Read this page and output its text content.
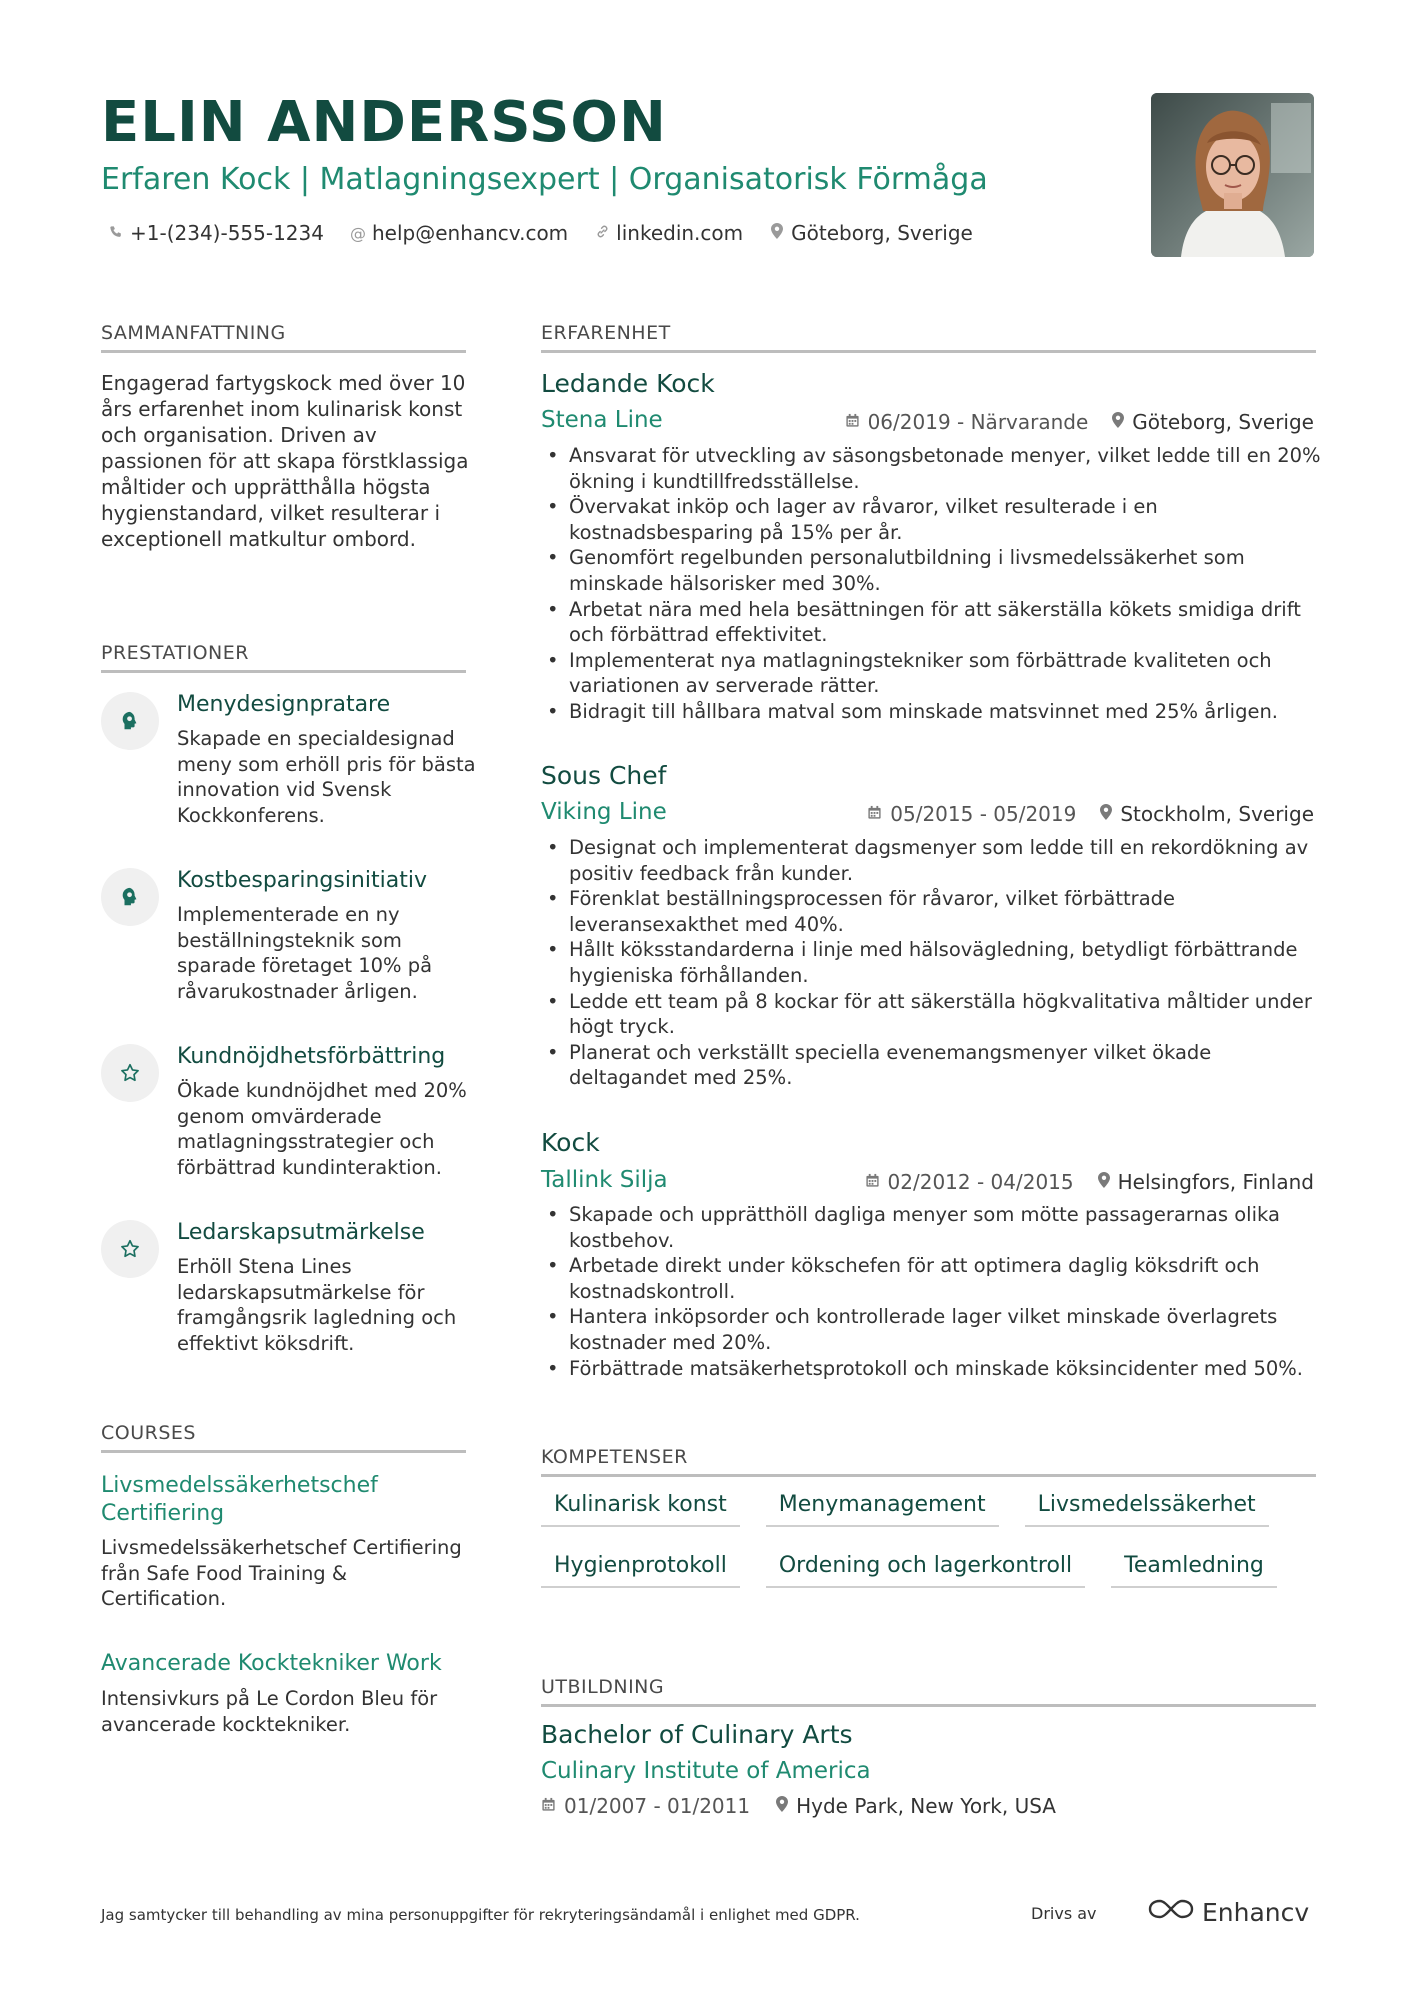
ELIN ANDERSSON
Erfaren Kock | Matlagningsexpert | Organisatorisk Förmåga
+1-(234)-555-1234 @ help@enhancv.com linkedin.com Göteborg, Sverige
SAMMANFATTNING
Engagerad fartygskock med över 10 års erfarenhet inom kulinarisk konst och organisation. Driven av passionen för att skapa förstklassiga måltider och upprätthålla högsta hygienstandard, vilket resulterar i exceptionell matkultur ombord.
PRESTATIONER
Menydesignpratare
Skapade en specialdesignad meny som erhöll pris för bästa innovation vid Svensk Kockkonferens.
Kostbesparingsinitiativ
Implementerade en ny beställningsteknik som sparade företaget 10% på råvarukostnader årligen.
Kundnöjdhetsförbättring
Ökade kundnöjdhet med 20% genom omvärderade matlagningsstrategier och förbättrad kundinteraktion.
Ledarskapsutmärkelse
Erhöll Stena Lines ledarskapsutmärkelse för framgångsrik lagledning och effektivt köksdrift.
COURSES
Livsmedelssäkerhetschef Certifiering
Livsmedelssäkerhetschef Certifiering från Safe Food Training & Certification.
Avancerade Kocktekniker Work
Intensivkurs på Le Cordon Bleu för avancerade kocktekniker.
ERFARENHET
Ledande Kock
Stena Line	06/2019 - Närvarande Göteborg, Sverige
• Ansvarat för utveckling av säsongsbetonade menyer, vilket ledde till en 20% ökning i kundtillfredsställelse.
• Övervakat inköp och lager av råvaror, vilket resulterade i en kostnadsbesparing på 15% per år.
• Genomfört regelbunden personalutbildning i livsmedelssäkerhet som minskade hälsorisker med 30%.
• Arbetat nära med hela besättningen för att säkerställa kökets smidiga drift och förbättrad effektivitet.
• Implementerat nya matlagningstekniker som förbättrade kvaliteten och variationen av serverade rätter.
• Bidragit till hållbara matval som minskade matsvinnet med 25% årligen.
Sous Chef
Viking Line	05/2015 - 05/2019 Stockholm, Sverige
• Designat och implementerat dagsmenyer som ledde till en rekordökning av positiv feedback från kunder.
• Förenklat beställningsprocessen för råvaror, vilket förbättrade leveransexakthet med 40%.
• Hållt köksstandarderna i linje med hälsovägledning, betydligt förbättrande hygieniska förhållanden.
• Ledde ett team på 8 kockar för att säkerställa högkvalitativa måltider under högt tryck.
• Planerat och verkställt speciella evenemangsmenyer vilket ökade deltagandet med 25%.
Kock
Tallink Silja	02/2012 - 04/2015 Helsingfors, Finland
• Skapade och upprätthöll dagliga menyer som mötte passagerarnas olika kostbehov.
• Arbetade direkt under kökschefen för att optimera daglig köksdrift och kostnadskontroll.
• Hantera inköpsorder och kontrollerade lager vilket minskade överlagrets kostnader med 20%.
• Förbättrade matsäkerhetsprotokoll och minskade köksincidenter med 50%.
KOMPETENSER
Kulinarisk konst	Menymanagement	Livsmedelssäkerhet
Hygienprotokoll	Ordening och lagerkontroll	Teamledning
UTBILDNING
Bachelor of Culinary Arts
Culinary Institute of America
01/2007 - 01/2011 Hyde Park, New York, USA
Jag samtycker till behandling av mina personuppgifter för rekryteringsändamål i enlighet med GDPR.	Drivs av	Enhancv
